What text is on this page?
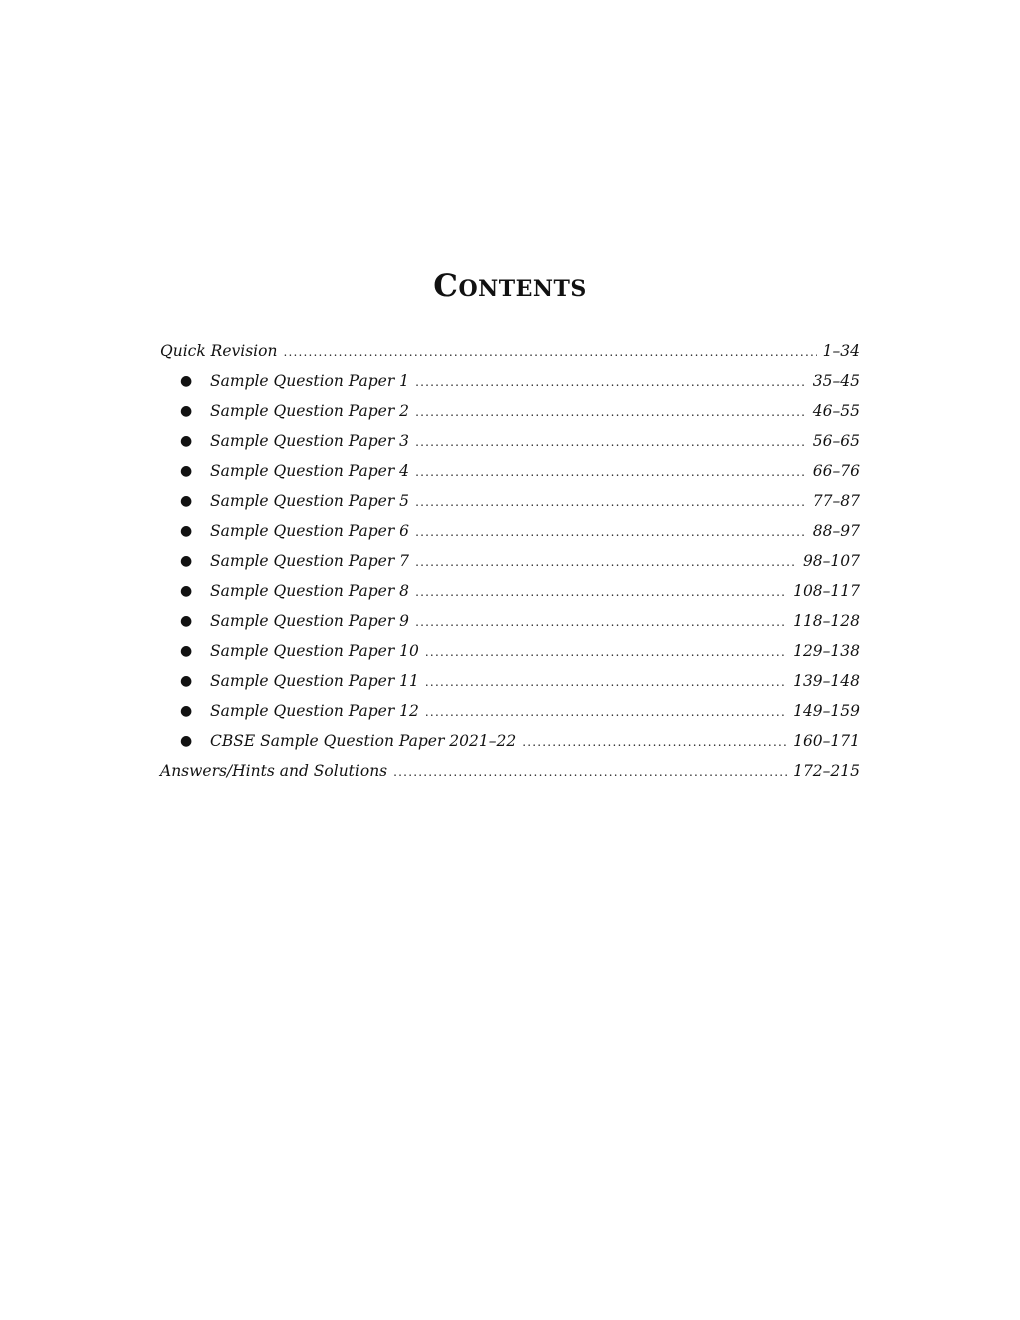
Contents
Quick Revision .....	1–34
● Sample Question Paper 1 .....	35–45
● Sample Question Paper 2 .....	46–55
● Sample Question Paper 3 .....	56–65
● Sample Question Paper 4 .....	66–76
● Sample Question Paper 5 .....	77–87
● Sample Question Paper 6 .....	88–97
● Sample Question Paper 7 .....	98–107
● Sample Question Paper 8 .....	108–117
● Sample Question Paper 9 .....	118–128
● Sample Question Paper 10 .....	129–138
● Sample Question Paper 11 .....	139–148
● Sample Question Paper 12 .....	149–159
● CBSE Sample Question Paper 2021–22 .....	160–171
Answers/Hints and Solutions .....	172–215
